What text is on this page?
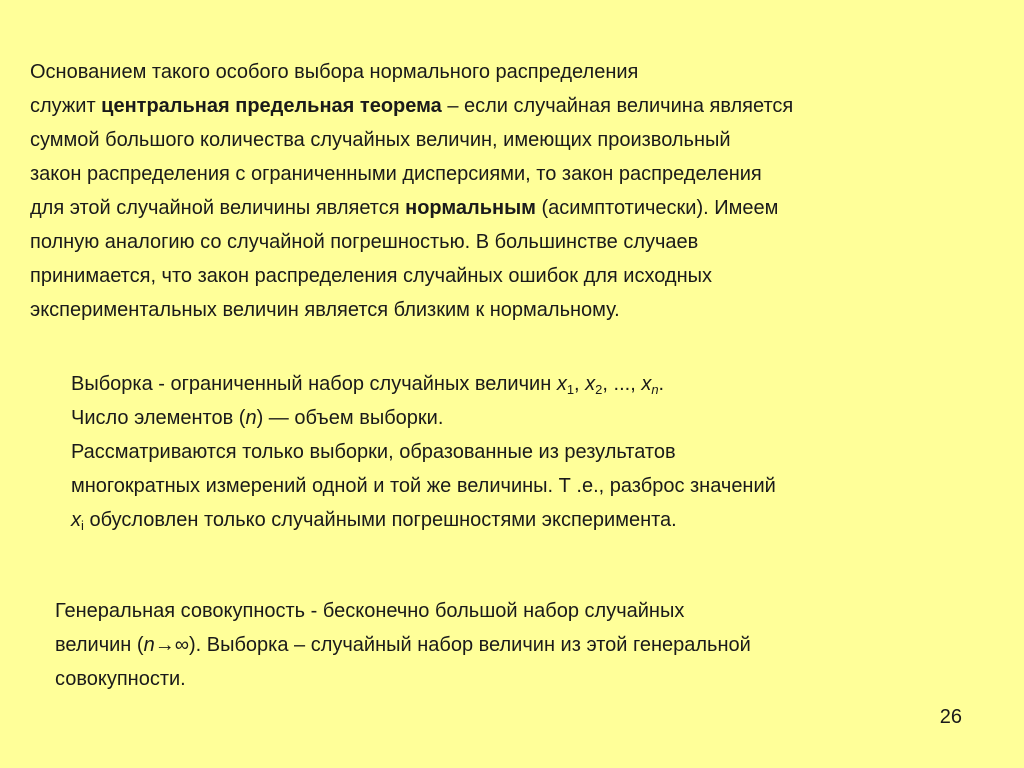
Основанием такого особого выбора нормального распределения
служит центральная предельная теорема – если случайная величина является
суммой большого количества случайных величин, имеющих произвольный
закон распределения с ограниченными дисперсиями, то закон распределения
для этой случайной величины является нормальным (асимптотически). Имеем
полную аналогию со случайной погрешностью. В большинстве случаев
принимается, что закон распределения случайных ошибок для исходных
экспериментальных величин является близким к нормальному.
Выборка - ограниченный набор случайных величин $x_1$, $x_2$, ..., $x_n$.
Число элементов (n) — объем выборки.
Рассматриваются только выборки, образованные из результатов
многократных измерений одной и той же величины. Т .е., разброс значений
$x_i$ обусловлен только случайными погрешностями эксперимента.
Генеральная совокупность - бесконечно большой набор случайных
величин (n→∞). Выборка – случайный набор величин из этой генеральной
совокупности.
26
